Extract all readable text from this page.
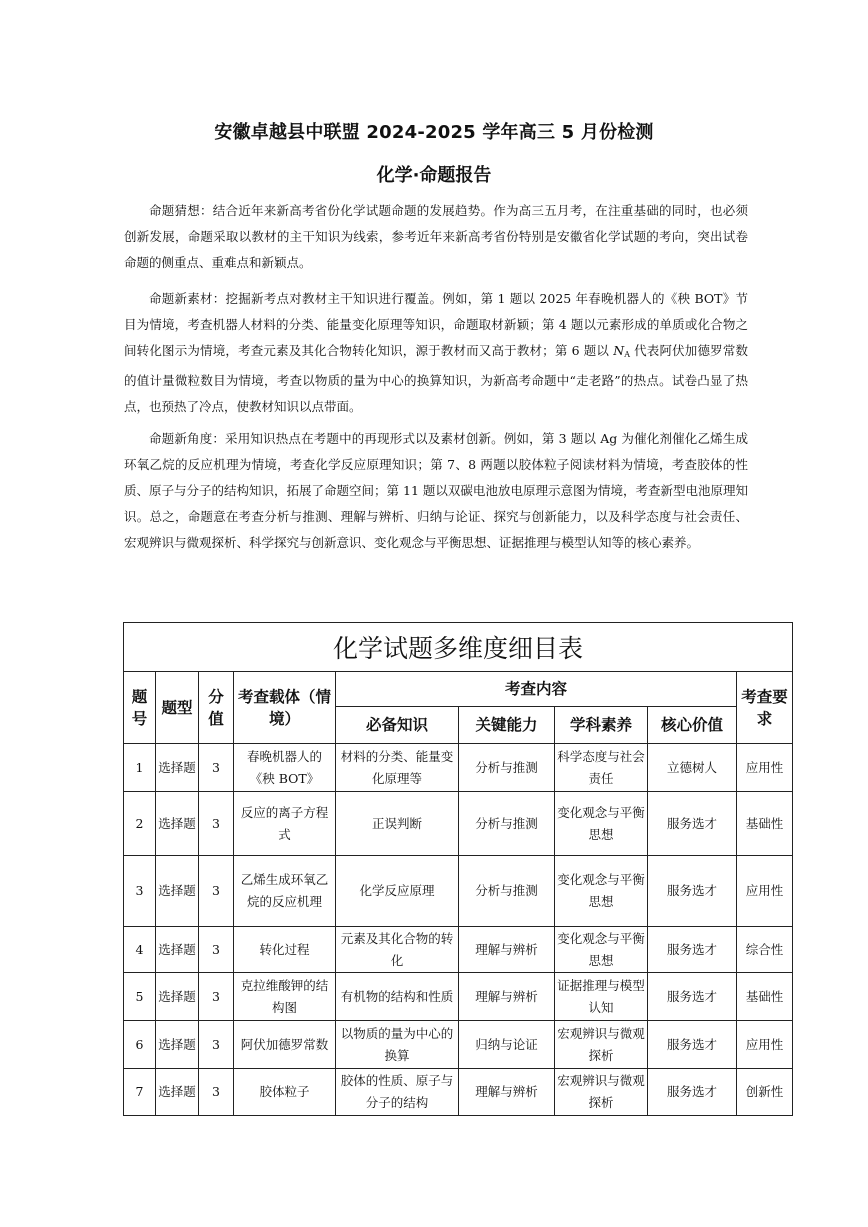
安徽卓越县中联盟 2024-2025 学年高三 5 月份检测
化学·命题报告

命题猜想：结合近年来新高考省份化学试题命题的发展趋势。作为高三五月考，在注重基础的同时，也必须创新发展，命题采取以教材的主干知识为线索，参考近年来新高考省份特别是安徽省化学试题的考向，突出试卷命题的侧重点、重难点和新颖点。

命题新素材：挖掘新考点对教材主干知识进行覆盖。例如，第 1 题以 2025 年春晚机器人的《秧 BOT》节目为情境，考查机器人材料的分类、能量变化原理等知识，命题取材新颖；第 4 题以元素形成的单质或化合物之间转化图示为情境，考查元素及其化合物转化知识，源于教材而又高于教材；第 6 题以 $N_A$ 代表阿伏加德罗常数的值计量微粒数目为情境，考查以物质的量为中心的换算知识，为新高考命题中“走老路”的热点。试卷凸显了热点，也预热了冷点，使教材知识以点带面。

命题新角度：采用知识热点在考题中的再现形式以及素材创新。例如，第 3 题以 Ag 为催化剂催化乙烯生成环氧乙烷的反应机理为情境，考查化学反应原理知识；第 7、8 两题以胶体粒子阅读材料为情境，考查胶体的性质、原子与分子的结构知识，拓展了命题空间；第 11 题以双碳电池放电原理示意图为情境，考查新型电池原理知识。总之，命题意在考查分析与推测、理解与辨析、归纳与论证、探究与创新能力，以及科学态度与社会责任、宏观辨识与微观探析、科学探究与创新意识、变化观念与平衡思想、证据推理与模型认知等的核心素养。

化学试题多维度细目表								
题号	题型	分值	考查载体（情境）	考查内容				考查要求
				必备知识	关键能力	学科素养	核心价值	
1	选择题	3	春晚机器人的《秧 BOT》	材料的分类、能量变化原理等	分析与推测	科学态度与社会责任	立德树人	应用性
2	选择题	3	反应的离子方程式	正误判断	分析与推测	变化观念与平衡思想	服务选才	基础性
3	选择题	3	乙烯生成环氧乙烷的反应机理	化学反应原理	分析与推测	变化观念与平衡思想	服务选才	应用性
4	选择题	3	转化过程	元素及其化合物的转化	理解与辨析	变化观念与平衡思想	服务选才	综合性
5	选择题	3	克拉维酸钾的结构图	有机物的结构和性质	理解与辨析	证据推理与模型认知	服务选才	基础性
6	选择题	3	阿伏加德罗常数	以物质的量为中心的换算	归纳与论证	宏观辨识与微观探析	服务选才	应用性
7	选择题	3	胶体粒子	胶体的性质、原子与分子的结构	理解与辨析	宏观辨识与微观探析	服务选才	创新性
